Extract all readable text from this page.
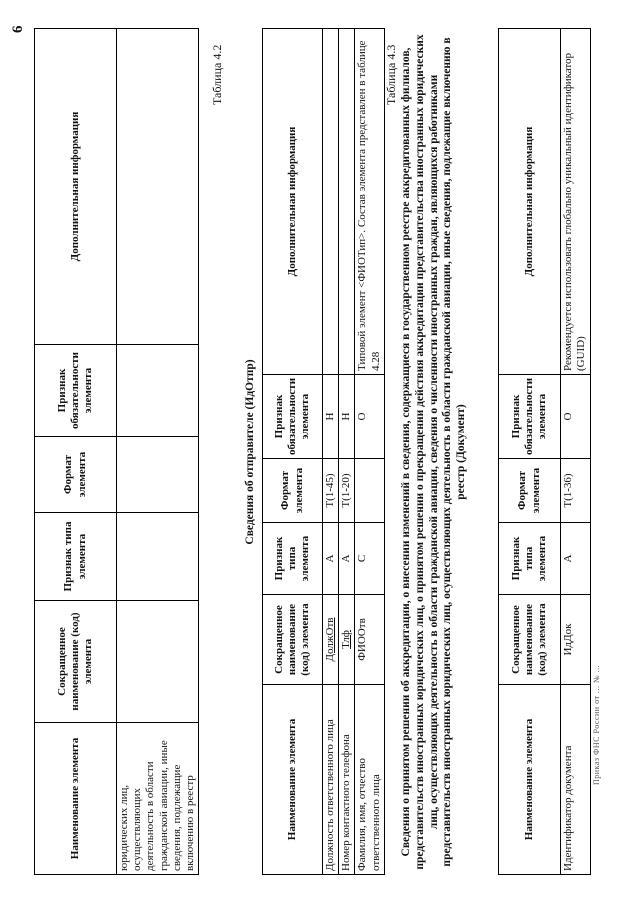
6
Наименование элемента	Сокращенное наименование (код) элемента	Признак типа элемента	Формат элемента	Признак обязательности элемента	Дополнительная информация
юридических лиц, осуществляющих деятельность в области гражданской авиации, иные сведения, подлежащие включению в реестр					
Таблица 4.2
Сведения об отправителе (ИдОтпр)
Наименование элемента	Сокращенное наименование (код) элемента	Признак типа элемента	Формат элемента	Признак обязательности элемента	Дополнительная информация
Должность ответственного лица	ДолжОтв	А	Т(1-45)	Н	
Номер контактного телефона	Тлф	А	Т(1-20)	Н	
Фамилия, имя, отчество ответственного лица	ФИООтв	С		О	Типовой элемент <ФИОТип>. Состав элемента представлен в таблице 4.28
Таблица 4.3 Сведения о принятом решении об аккредитации, о внесении изменений в сведения, содержащиеся в государственном реестре аккредитованных филиалов, представительств иностранных юридических лиц, о принятом решении о прекращении действия аккредитации представительства иностранных юридических лиц, осуществляющих деятельность в области гражданской авиации, сведения о численности иностранных граждан, являющихся работниками представительств иностранных юридических лиц, осуществляющих деятельность в области гражданской авиации, иные сведения, подлежащие включению в реестр (Документ)
Наименование элемента	Сокращенное наименование (код) элемента	Признак типа элемента	Формат элемента	Признак обязательности элемента	Дополнительная информация
Идентификатор документа	ИдДок	А	Т(1-36)	О	Рекомендуется использовать глобально уникальный идентификатор (GUID)
Приказ ФНС России от ... № ...
